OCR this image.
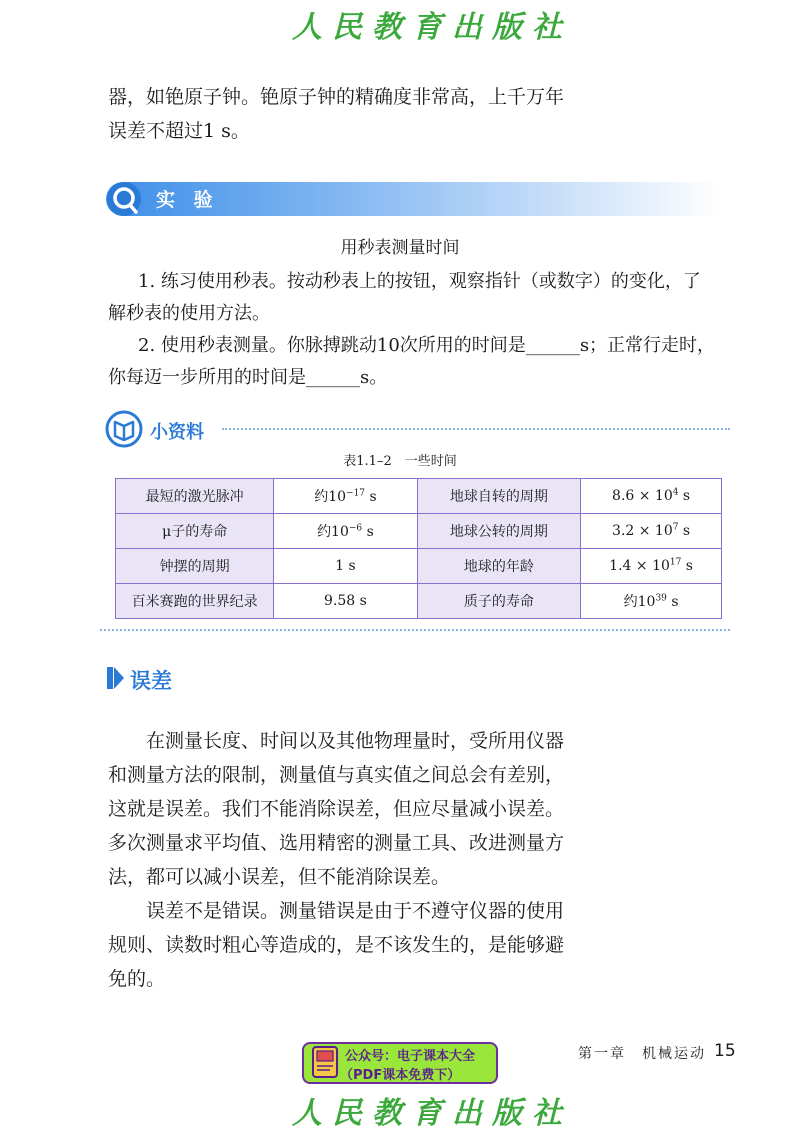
人民教育出版社
器，如铯原子钟。铯原子钟的精确度非常高，上千万年
误差不超过1 s。
实 验
用秒表测量时间
1. 练习使用秒表。按动秒表上的按钮，观察指针（或数字）的变化，了
解秒表的使用方法。
2. 使用秒表测量。你脉搏跳动10次所用的时间是______s；正常行走时，
你每迈一步所用的时间是______s。
小资料
表1.1–2　一些时间
最短的激光脉冲	约$10^{-17}$ s	地球自转的周期	$8.6 \times 10^4$ s
μ子的寿命	约$10^{-6}$ s	地球公转的周期	$3.2 \times 10^7$ s
钟摆的周期	1 s	地球的年龄	$1.4 \times 10^{17}$ s
百米赛跑的世界纪录	9.58 s	质子的寿命	约$10^{39}$ s
误差
　　在测量长度、时间以及其他物理量时，受所用仪器
和测量方法的限制，测量值与真实值之间总会有差别，
这就是误差。我们不能消除误差，但应尽量减小误差。
多次测量求平均值、选用精密的测量工具、改进测量方
法，都可以减小误差，但不能消除误差。
　　误差不是错误。测量错误是由于不遵守仪器的使用
规则、读数时粗心等造成的，是不该发生的，是能够避
免的。
公众号：电子课本大全
（PDF课本免费下）
第一章　机械运动 15
人民教育出版社
